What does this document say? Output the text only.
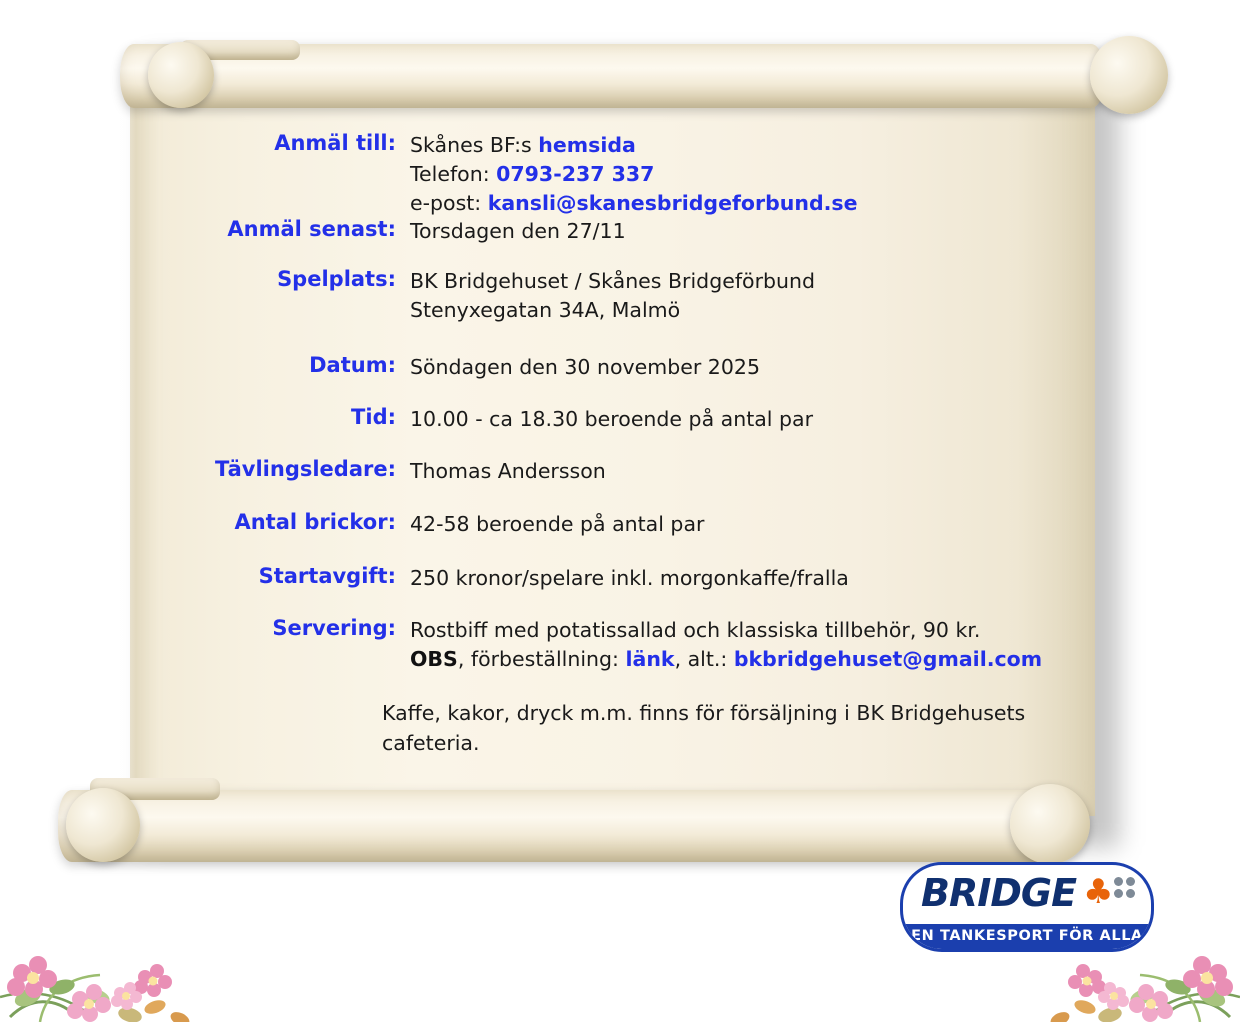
Anmäl till: Skånes BF:s hemsida
Telefon: 0793-237 337
e-post: kansli@skanesbridgeforbund.se
Anmäl senast: Torsdagen den 27/11
Spelplats: BK Bridgehuset / Skånes Bridgeförbund
Stenyxegatan 34A, Malmö
Datum: Söndagen den 30 november 2025
Tid: 10.00 - ca 18.30 beroende på antal par
Tävlingsledare: Thomas Andersson
Antal brickor: 42-58 beroende på antal par
Startavgift: 250 kronor/spelare inkl. morgonkaffe/fralla
Servering: Rostbiff med potatissallad och klassiska tillbehör, 90 kr.
OBS, förbeställning: länk, alt.: bkbridgehuset@gmail.com
Kaffe, kakor, dryck m.m. finns för försäljning i BK Bridgehusets cafeteria.
BRIDGE ♣
EN TANKESPORT FÖR ALLA
